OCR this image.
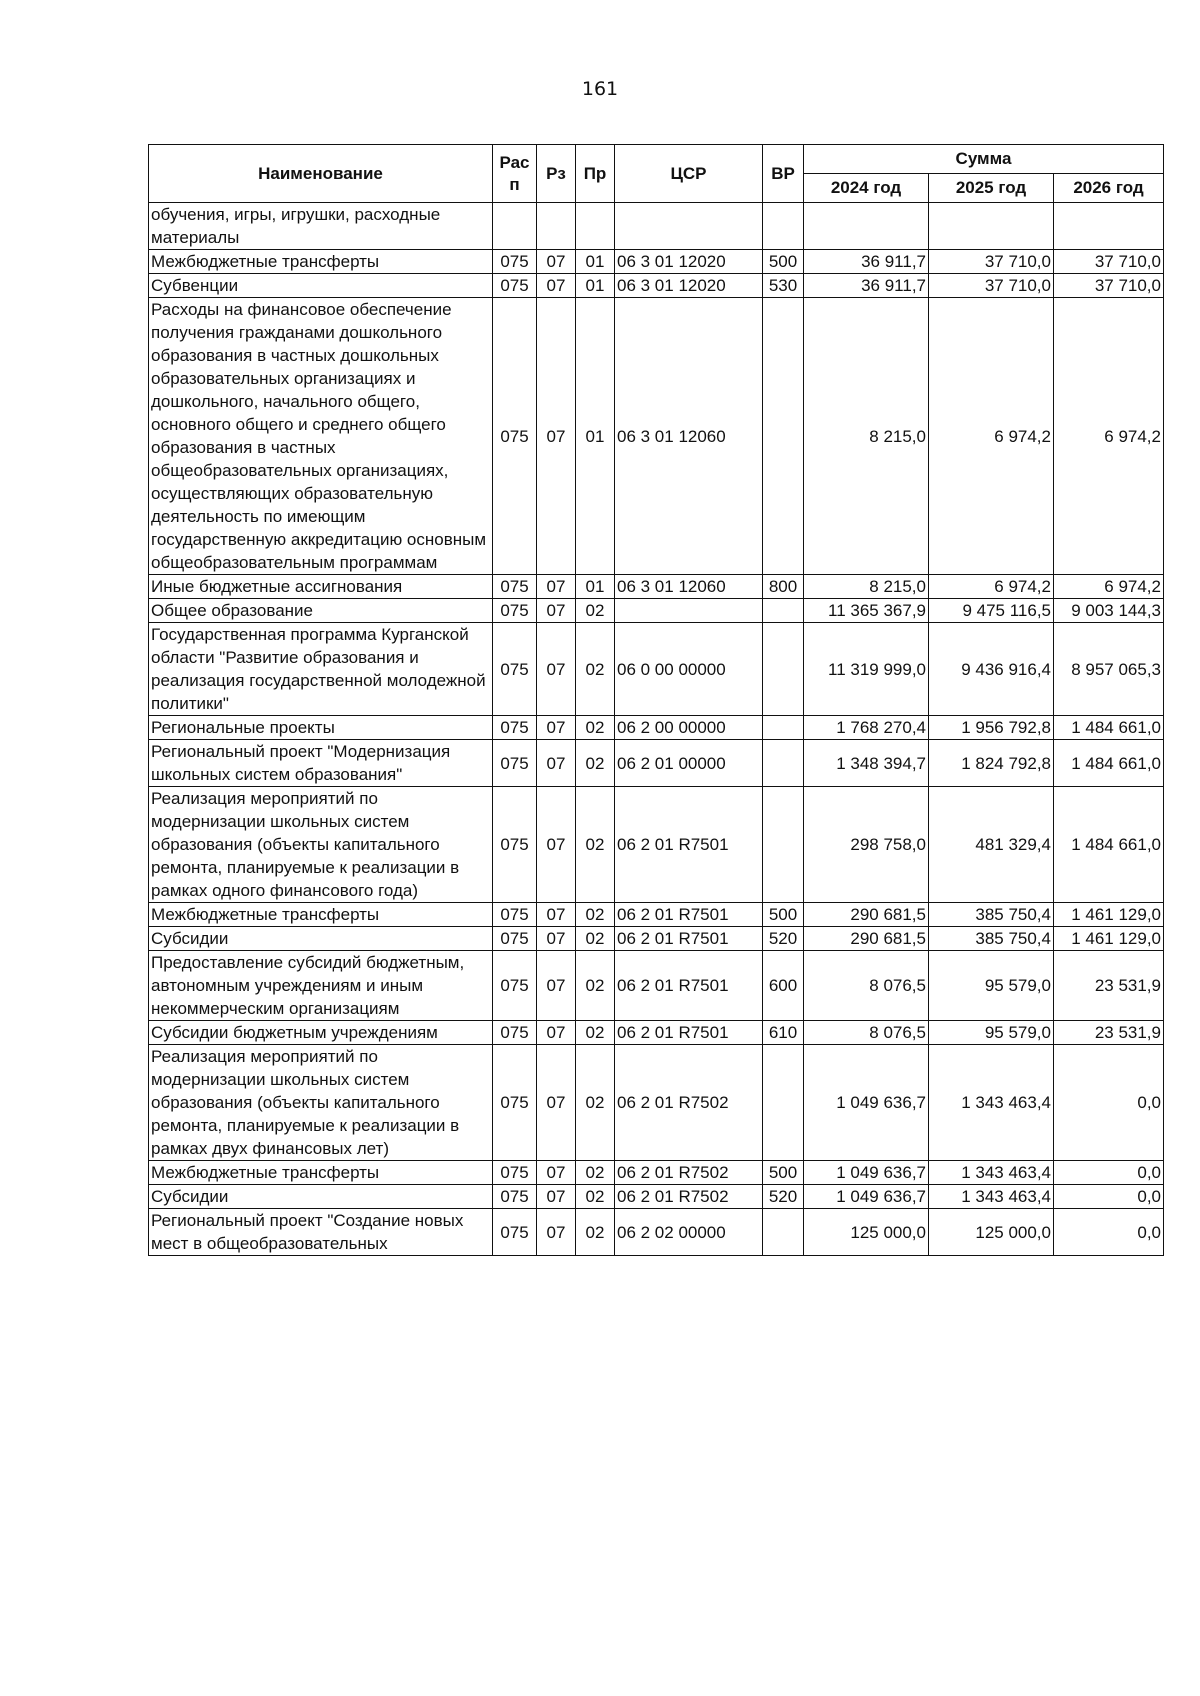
161
Наименование	Рас п	Рз	Пр	ЦСР	ВР	Сумма		
						2024 год	2025 год	2026 год
обучения, игры, игрушки, расходные материалы								
Межбюджетные трансферты	075	07	01	06 3 01 12020	500	36 911,7	37 710,0	37 710,0
Субвенции	075	07	01	06 3 01 12020	530	36 911,7	37 710,0	37 710,0
Расходы на финансовое обеспечение получения гражданами дошкольного образования в частных дошкольных образовательных организациях и дошкольного, начального общего, основного общего и среднего общего образования в частных общеобразовательных организациях, осуществляющих образовательную деятельность по имеющим государственную аккредитацию основным общеобразовательным программам	075	07	01	06 3 01 12060		8 215,0	6 974,2	6 974,2
Иные бюджетные ассигнования	075	07	01	06 3 01 12060	800	8 215,0	6 974,2	6 974,2
Общее образование	075	07	02			11 365 367,9	9 475 116,5	9 003 144,3
Государственная программа Курганской области "Развитие образования и реализация государственной молодежной политики"	075	07	02	06 0 00 00000		11 319 999,0	9 436 916,4	8 957 065,3
Региональные проекты	075	07	02	06 2 00 00000		1 768 270,4	1 956 792,8	1 484 661,0
Региональный проект "Модернизация школьных систем образования"	075	07	02	06 2 01 00000		1 348 394,7	1 824 792,8	1 484 661,0
Реализация мероприятий по модернизации школьных систем образования (объекты капитального ремонта, планируемые к реализации в рамках одного финансового года)	075	07	02	06 2 01 R7501		298 758,0	481 329,4	1 484 661,0
Межбюджетные трансферты	075	07	02	06 2 01 R7501	500	290 681,5	385 750,4	1 461 129,0
Субсидии	075	07	02	06 2 01 R7501	520	290 681,5	385 750,4	1 461 129,0
Предоставление субсидий бюджетным, автономным учреждениям и иным некоммерческим организациям	075	07	02	06 2 01 R7501	600	8 076,5	95 579,0	23 531,9
Субсидии бюджетным учреждениям	075	07	02	06 2 01 R7501	610	8 076,5	95 579,0	23 531,9
Реализация мероприятий по модернизации школьных систем образования (объекты капитального ремонта, планируемые к реализации в рамках двух финансовых лет)	075	07	02	06 2 01 R7502		1 049 636,7	1 343 463,4	0,0
Межбюджетные трансферты	075	07	02	06 2 01 R7502	500	1 049 636,7	1 343 463,4	0,0
Субсидии	075	07	02	06 2 01 R7502	520	1 049 636,7	1 343 463,4	0,0
Региональный проект "Создание новых мест в общеобразовательных	075	07	02	06 2 02 00000		125 000,0	125 000,0	0,0
